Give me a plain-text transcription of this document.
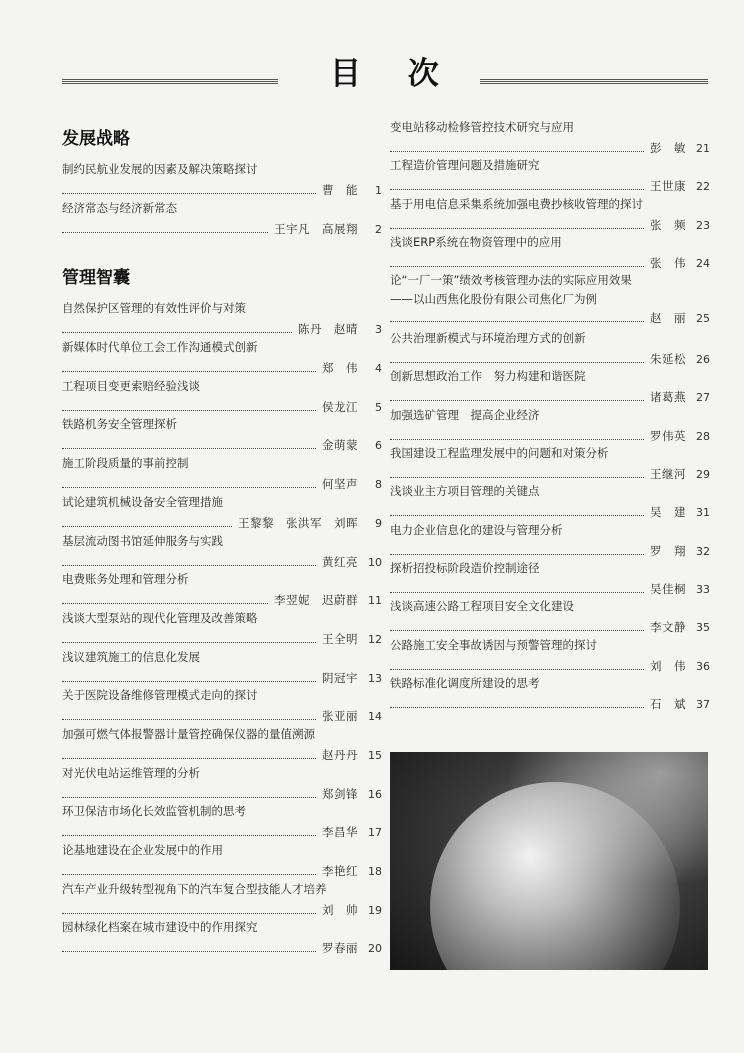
目 次
发展战略
制约民航业发展的因素及解决策略探讨
曹　能	1
经济常态与经济新常态
王宇凡　高展翔	2
管理智囊
自然保护区管理的有效性评价与对策
陈丹　赵晴	3
新媒体时代单位工会工作沟通模式创新
郑　伟	4
工程项目变更索赔经验浅谈
侯龙江	5
铁路机务安全管理探析
金萌蒙	6
施工阶段质量的事前控制
何坚声	8
试论建筑机械设备安全管理措施
王黎黎　张洪军　刘晖	9
基层流动图书馆延伸服务与实践
黄红亮 10
电费账务处理和管理分析
李翌妮　迟蔚群 11
浅谈大型泵站的现代化管理及改善策略
王全明 12
浅议建筑施工的信息化发展
阴冠宇 13
关于医院设备维修管理模式走向的探讨
张亚丽 14
加强可燃气体报警器计量管控确保仪器的量值溯源
赵丹丹 15
对光伏电站运维管理的分析
郑剑锋 16
环卫保洁市场化长效监管机制的思考
李昌华 17
论基地建设在企业发展中的作用
李艳红 18
汽车产业升级转型视角下的汽车复合型技能人才培养
刘　帅 19
园林绿化档案在城市建设中的作用探究
罗春丽 20
变电站移动检修管控技术研究与应用
彭　敏 21
工程造价管理问题及措施研究
王世康 22
基于用电信息采集系统加强电费抄核收管理的探讨
张　频 23
浅谈ERP系统在物资管理中的应用
张　伟 24
论“一厂一策”绩效考核管理办法的实际应用效果
——以山西焦化股份有限公司焦化厂为例
赵　丽 25
公共治理新模式与环境治理方式的创新
朱延松 26
创新思想政治工作　努力构建和谐医院
诸葛燕 27
加强选矿管理　提高企业经济
罗伟英 28
我国建设工程监理发展中的问题和对策分析
王继河 29
浅谈业主方项目管理的关键点
吴　建 31
电力企业信息化的建设与管理分析
罗　翔 32
探析招投标阶段造价控制途径
吴佳桐 33
浅谈高速公路工程项目安全文化建设
李文静 35
公路施工安全事故诱因与预警管理的探讨
刘　伟 36
铁路标准化调度所建设的思考
石　斌 37
